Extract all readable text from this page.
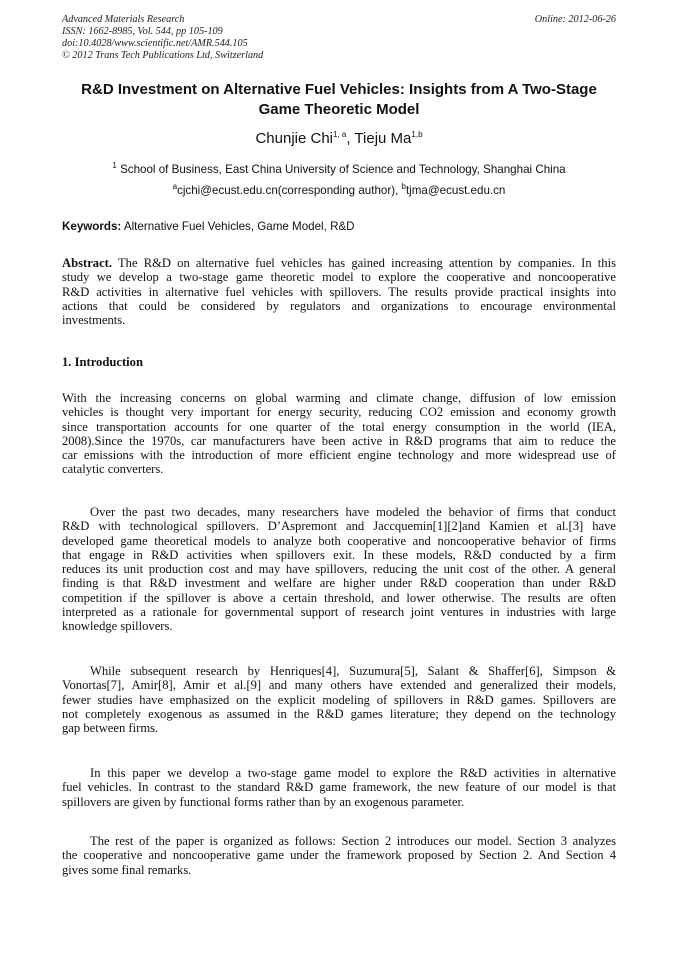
Advanced Materials Research
ISSN: 1662-8985, Vol. 544, pp 105-109
doi:10.4028/www.scientific.net/AMR.544.105
© 2012 Trans Tech Publications Ltd, Switzerland
Online: 2012-06-26
R&D Investment on Alternative Fuel Vehicles: Insights from A Two-Stage
Game Theoretic Model
Chunjie Chi$^{1, a}$, Tieju Ma$^{1,b}$
$^1$ School of Business, East China University of Science and Technology, Shanghai China
$^a$cjchi@ecust.edu.cn(corresponding author), $^b$tjma@ecust.edu.cn
Keywords: Alternative Fuel Vehicles, Game Model, R&D
Abstract. The R&D on alternative fuel vehicles has gained increasing attention by companies. In this
study we develop a two-stage game theoretic model to explore the cooperative and noncooperative
R&D activities in alternative fuel vehicles with spillovers. The results provide practical insights into
actions that could be considered by regulators and organizations to encourage environmental
investments.
1. Introduction
With the increasing concerns on global warming and climate change, diffusion of low emission
vehicles is thought very important for energy security, reducing CO2 emission and economy growth
since transportation accounts for one quarter of the total energy consumption in the world (IEA,
2008).Since the 1970s, car manufacturers have been active in R&D programs that aim to reduce the
car emissions with the introduction of more efficient engine technology and more widespread use of
catalytic converters.
Over the past two decades, many researchers have modeled the behavior of firms that conduct
R&D with technological spillovers. D’Aspremont and Jaccquemin[1][2]and Kamien et al.[3] have
developed game theoretical models to analyze both cooperative and noncooperative behavior of firms
that engage in R&D activities when spillovers exit. In these models, R&D conducted by a firm
reduces its unit production cost and may have spillovers, reducing the unit cost of the other. A general
finding is that R&D investment and welfare are higher under R&D cooperation than under R&D
competition if the spillover is above a certain threshold, and lower otherwise. The results are often
interpreted as a rationale for governmental support of research joint ventures in industries with large
knowledge spillovers.
While subsequent research by Henriques[4], Suzumura[5], Salant & Shaffer[6], Simpson &
Vonortas[7], Amir[8], Amir et al.[9] and many others have extended and generalized their models,
fewer studies have emphasized on the explicit modeling of spillovers in R&D games. Spillovers are
not completely exogenous as assumed in the R&D games literature; they depend on the technology
gap between firms.
In this paper we develop a two-stage game model to explore the R&D activities in alternative
fuel vehicles. In contrast to the standard R&D game framework, the new feature of our model is that
spillovers are given by functional forms rather than by an exogenous parameter.
The rest of the paper is organized as follows: Section 2 introduces our model. Section 3 analyzes
the cooperative and noncooperative game under the framework proposed by Section 2. And Section 4
gives some final remarks.
